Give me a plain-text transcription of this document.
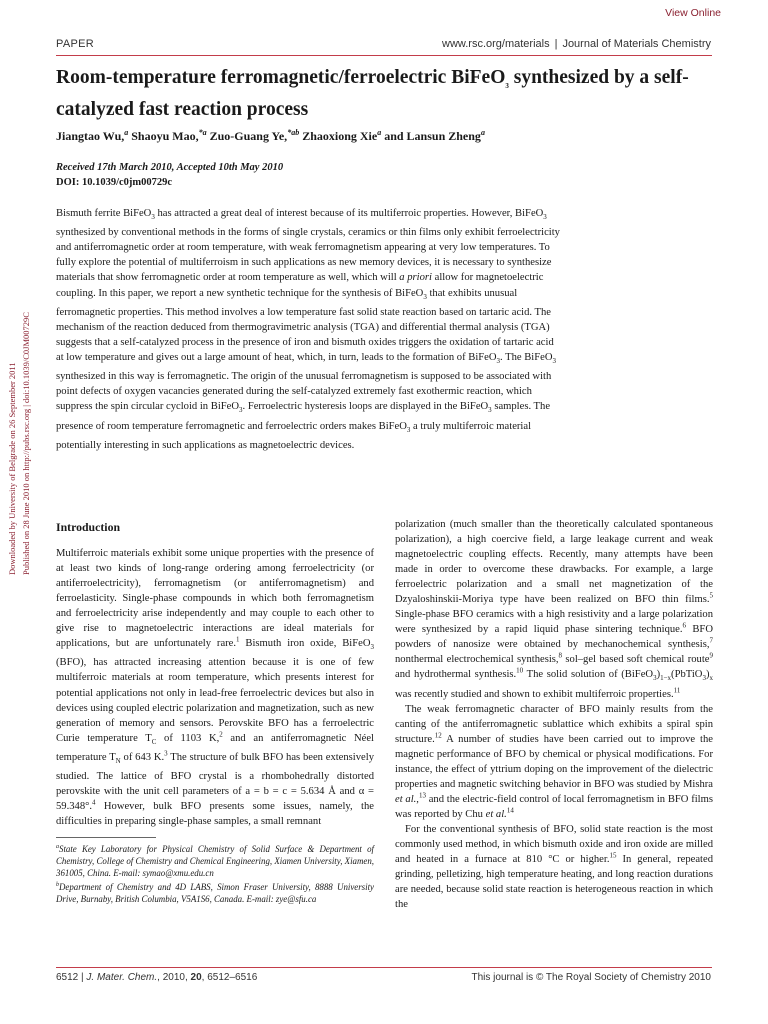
View Online
PAPER	www.rsc.org/materials | Journal of Materials Chemistry
Room-temperature ferromagnetic/ferroelectric BiFeO$_3$ synthesized by a self-catalyzed fast reaction process
Jiangtao Wu,$^a$ Shaoyu Mao,$^{*a}$ Zuo-Guang Ye,$^{*ab}$ Zhaoxiong Xie$^a$ and Lansun Zheng$^a$
Received 17th March 2010, Accepted 10th May 2010
DOI: 10.1039/c0jm00729c

Bismuth ferrite BiFeO$_3$ has attracted a great deal of interest because of its multiferroic properties. However, BiFeO$_3$ synthesized by conventional methods in the forms of single crystals, ceramics or thin films only exhibit ferroelectricity and antiferromagnetic order at room temperature, with weak ferromagnetism appearing at very low temperatures. To fully explore the potential of multiferroism in such applications as new memory devices, it is necessary to synthesize materials that show ferromagnetic order at room temperature as well, which will a priori allow for magnetoelectric coupling. In this paper, we report a new synthetic technique for the synthesis of BiFeO$_3$ that exhibits unusual ferromagnetic properties. This method involves a low temperature fast solid state reaction based on tartaric acid. The mechanism of the reaction deduced from thermogravimetric analysis (TGA) and differential thermal analysis (TGA) suggests that a self-catalyzed process in the presence of iron and bismuth oxides triggers the oxidation of tartaric acid at low temperature and gives out a large amount of heat, which, in turn, leads to the formation of BiFeO$_3$. The BiFeO$_3$ synthesized in this way is ferromagnetic. The origin of the unusual ferromagnetism is supposed to be associated with point defects of oxygen vacancies generated during the self-catalyzed extremely fast exothermic reaction, which suppress the spin circular cycloid in BiFeO$_3$. Ferroelectric hysteresis loops are displayed in the BiFeO$_3$ samples. The presence of room temperature ferromagnetic and ferroelectric orders makes BiFeO$_3$ a truly multiferroic material potentially interesting in such applications as magnetoelectric devices.

Downloaded by University of Belgrade on 26 September 2011 Published on 28 June 2010 on http://pubs.rsc.org | doi:10.1039/C0JM00729C	Introduction

Multiferroic materials exhibit some unique properties with the presence of at least two kinds of long-range ordering among ferroelectricity (or antiferroelectricity), ferromagnetism (or antiferromagnetism) and ferroelasticity. Single-phase compounds in which both ferromagnetism and ferroelectricity arise independently and may couple to each other to give rise to magnetoelectric interactions are ideal materials for applications, but are unfortunately rare.$^1$ Bismuth iron oxide, BiFeO$_3$ (BFO), has attracted increasing attention because it is one of few multiferroic materials at room temperature, which presents interest for potential applications not only in lead-free ferroelectric devices but also in devices using coupled electric polarization and magnetization, such as new generation of memory and sensors. Perovskite BFO has a ferroelectric Curie temperature $T_C$ of 1103 K,$^2$ and an antiferromagnetic Néel temperature $T_N$ of 643 K.$^3$ The structure of bulk BFO has been extensively studied. The lattice of BFO crystal is a rhombohedrally distorted perovskite with the unit cell parameters of a = b = c = 5.634 Å and α = 59.348°.$^4$ However, bulk BFO presents some issues, namely, the difficulties in preparing single-phase samples, a small remnant

polarization (much smaller than the theoretically calculated spontaneous polarization), a high coercive field, a large leakage current and weak magnetoelectric coupling effects. Recently, many attempts have been made in order to overcome these drawbacks. For example, a large ferroelectric polarization and a small net magnetization of the Dzyaloshinskii-Moriya type have been realized on BFO thin films.$^5$ Single-phase BFO ceramics with a high resistivity and a large polarization were synthesized by a rapid liquid phase sintering technique.$^6$ BFO powders of nanosize were obtained by mechanochemical synthesis,$^7$ nonthermal electrochemical synthesis,$^8$ sol–gel based soft chemical route$^9$ and hydrothermal synthesis.$^{10}$ The solid solution of $(BiFeO_3)_{1-x}(PbTiO_3)_x$ was recently studied and shown to exhibit multiferroic properties.$^{11}$

The weak ferromagnetic character of BFO mainly results from the canting of the antiferromagnetic sublattice which exhibits a spiral spin structure.$^{12}$ A number of studies have been carried out to improve the magnetic performance of BFO by chemical or physical modifications. For instance, the effect of yttrium doping on the improvement of the dielectric properties and magnetic switching behavior in BFO was studied by Mishra et al.,$^{13}$ and the electric-field control of local ferromagnetism in BFO films was reported by Chu et al.$^{14}$

For the conventional synthesis of BFO, solid state reaction is the most commonly used method, in which bismuth oxide and iron oxide are milled and heated in a furnace at 810 °C or higher.$^{15}$ In general, repeated grinding, pelletizing, high temperature heating, and long reaction durations are needed, because solid state reaction is heterogeneous reaction in which the

$^a$State Key Laboratory for Physical Chemistry of Solid Surface & Department of Chemistry, College of Chemistry and Chemical Engineering, Xiamen University, Xiamen, 361005, China. E-mail: symao@xmu.edu.cn

$^b$Department of Chemistry and 4D LABS, Simon Fraser University, 8888 University Drive, Burnaby, British Columbia, V5A1S6, Canada. E-mail: zye@sfu.ca

6512 | J. Mater. Chem., 2010, 20, 6512–6516	This journal is © The Royal Society of Chemistry 2010
